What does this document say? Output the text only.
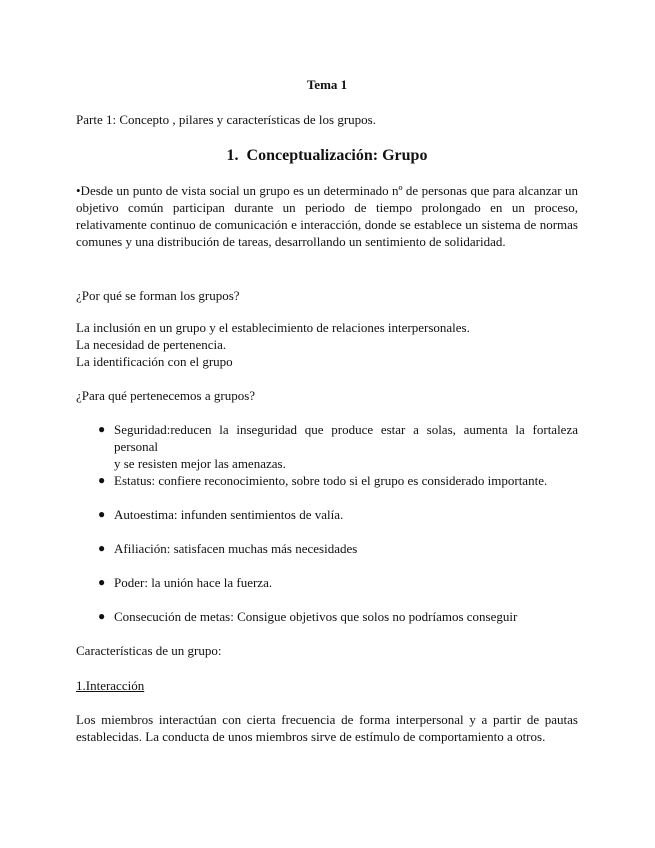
Tema 1

Parte 1: Concepto , pilares y características de los grupos.

1. Conceptualización: Grupo

•Desde un punto de vista social un grupo es un determinado nº de personas que para alcanzar un
objetivo común participan durante un periodo de tiempo prolongado en un proceso,
relativamente continuo de comunicación e interacción, donde se establece un sistema de normas
comunes y una distribución de tareas, desarrollando un sentimiento de solidaridad.

¿Por qué se forman los grupos?

La inclusión en un grupo y el establecimiento de relaciones interpersonales.

La necesidad de pertenencia.

La identificación con el grupo

¿Para qué pertenecemos a grupos?

● Seguridad:reducen la inseguridad que produce estar a solas, aumenta la fortaleza personal
y se resisten mejor las amenazas.
● Estatus: confiere reconocimiento, sobre todo si el grupo es considerado importante.
● Autoestima: infunden sentimientos de valía.
● Afiliación: satisfacen muchas más necesidades
● Poder: la unión hace la fuerza.
● Consecución de metas: Consigue objetivos que solos no podríamos conseguir

Características de un grupo:

1.Interacción

Los miembros interactúan con cierta frecuencia de forma interpersonal y a partir de pautas
establecidas. La conducta de unos miembros sirve de estímulo de comportamiento a otros.
